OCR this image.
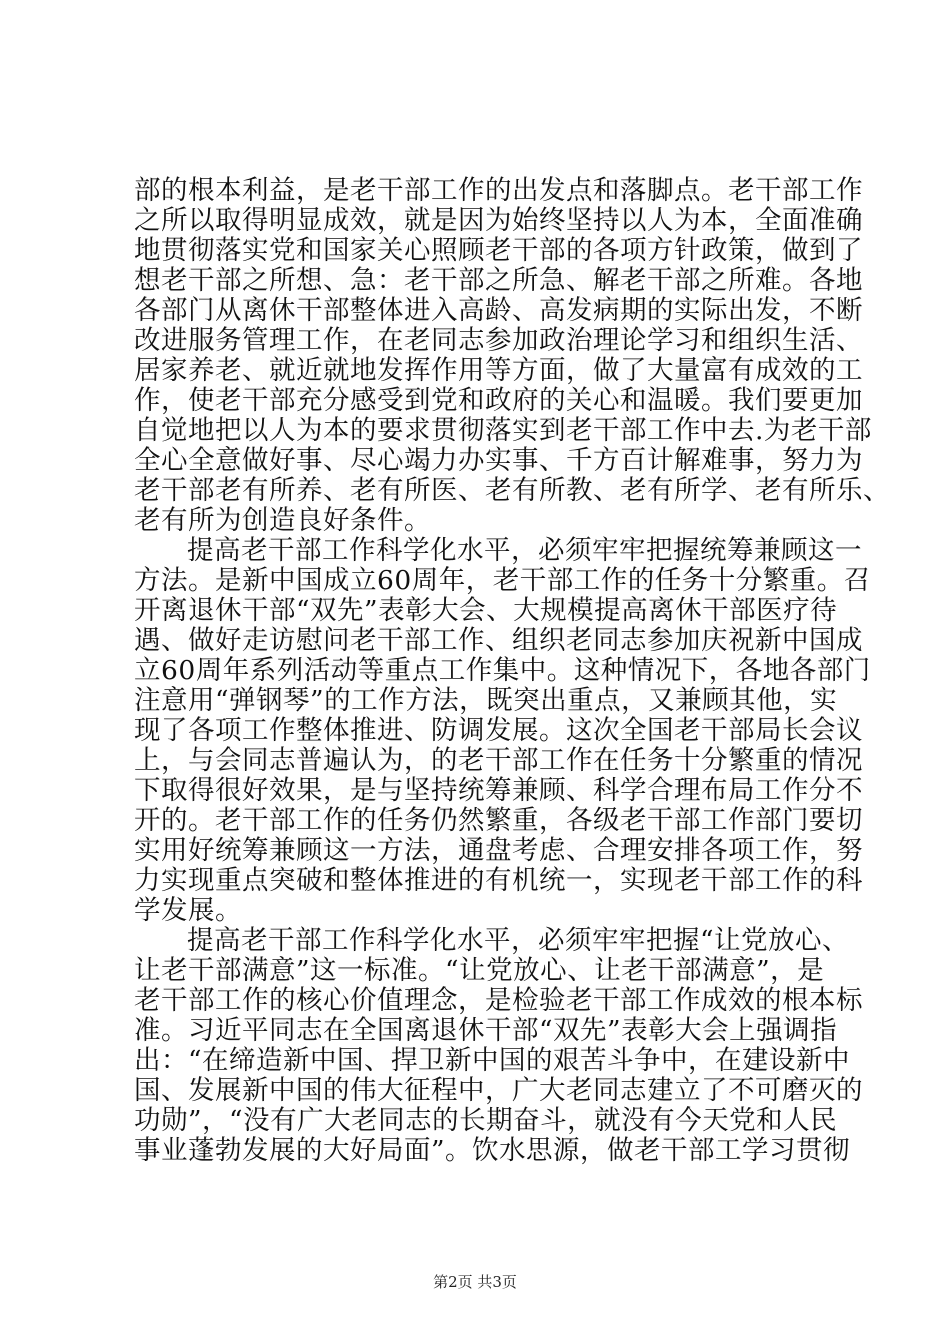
部的根本利益，是老干部工作的出发点和落脚点。老干部工作
之所以取得明显成效，就是因为始终坚持以人为本，全面准确
地贯彻落实党和国家关心照顾老干部的各项方针政策，做到了
想老干部之所想、急：老干部之所急、解老干部之所难。各地
各部门从离休干部整体进入高龄、高发病期的实际出发，不断
改进服务管理工作，在老同志参加政治理论学习和组织生活、
居家养老、就近就地发挥作用等方面，做了大量富有成效的工
作，使老干部充分感受到党和政府的关心和温暖。我们要更加
自觉地把以人为本的要求贯彻落实到老干部工作中去.为老干部
全心全意做好事、尽心竭力办实事、千方百计解难事，努力为
老干部老有所养、老有所医、老有所教、老有所学、老有所乐、
老有所为创造良好条件。
提高老干部工作科学化水平，必须牢牢把握统筹兼顾这一
方法。是新中国成立60周年，老干部工作的任务十分繁重。召
开离退休干部“双先”表彰大会、大规模提高离休干部医疗待
遇、做好走访慰问老干部工作、组织老同志参加庆祝新中国成
立60周年系列活动等重点工作集中。这种情况下，各地各部门
注意用“弹钢琴”的工作方法，既突出重点，又兼顾其他，实
现了各项工作整体推进、防调发展。这次全国老干部局长会议
上，与会同志普遍认为，的老干部工作在任务十分繁重的情况
下取得很好效果，是与坚持统筹兼顾、科学合理布局工作分不
开的。老干部工作的任务仍然繁重，各级老干部工作部门要切
实用好统筹兼顾这一方法，通盘考虑、合理安排各项工作，努
力实现重点突破和整体推进的有机统一，实现老干部工作的科
学发展。
提高老干部工作科学化水平，必须牢牢把握“让党放心、
让老干部满意”这一标准。“让党放心、让老干部满意”，是
老干部工作的核心价值理念，是检验老干部工作成效的根本标
准。习近平同志在全国离退休干部“双先”表彰大会上强调指
出：“在缔造新中国、捍卫新中国的艰苦斗争中，在建设新中
国、发展新中国的伟大征程中，广大老同志建立了不可磨灭的
功勋”，“没有广大老同志的长期奋斗，就没有今天党和人民
事业蓬勃发展的大好局面”。饮水思源，做老干部工学习贯彻
第2页 共3页
